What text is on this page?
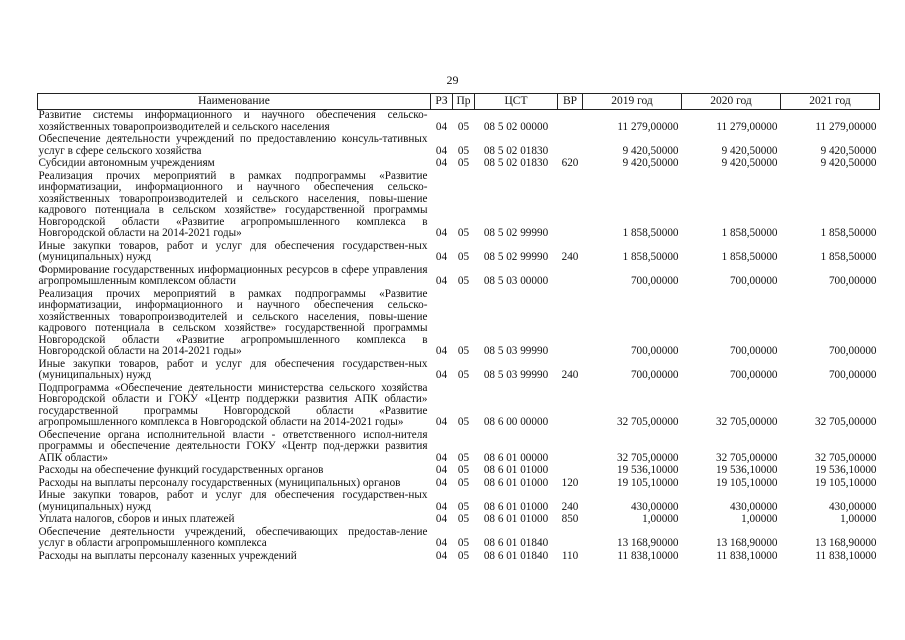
29
Наименование	РЗ	Пр	ЦСТ	ВР	2019 год	2020 год	2021 год
Развитие системы информационного и научного обеспечения сельско-хозяйственных товаропроизводителей и сельского населения	04	05	08 5 02 00000		11 279,00000	11 279,00000	11 279,00000
Обеспечение деятельности учреждений по предоставлению консуль-тативных услуг в сфере сельского хозяйства	04	05	08 5 02 01830		9 420,50000	9 420,50000	9 420,50000
Субсидии автономным учреждениям	04	05	08 5 02 01830	620	9 420,50000	9 420,50000	9 420,50000
Реализация прочих мероприятий в рамках подпрограммы «Развитие информатизации, информационного и научного обеспечения сельско-хозяйственных товаропроизводителей и сельского населения, повы-шение кадрового потенциала в сельском хозяйстве» государственной программы Новгородской области «Развитие агропромышленного комплекса в Новгородской области на 2014-2021 годы»	04	05	08 5 02 99990		1 858,50000	1 858,50000	1 858,50000
Иные закупки товаров, работ и услуг для обеспечения государствен-ных (муниципальных) нужд	04	05	08 5 02 99990	240	1 858,50000	1 858,50000	1 858,50000
Формирование государственных информационных ресурсов в сфере управления агропромышленным комплексом области	04	05	08 5 03 00000		700,00000	700,00000	700,00000
Реализация прочих мероприятий в рамках подпрограммы «Развитие информатизации, информационного и научного обеспечения сельско-хозяйственных товаропроизводителей и сельского населения, повы-шение кадрового потенциала в сельском хозяйстве» государственной программы Новгородской области «Развитие агропромышленного комплекса в Новгородской области на 2014-2021 годы»	04	05	08 5 03 99990		700,00000	700,00000	700,00000
Иные закупки товаров, работ и услуг для обеспечения государствен-ных (муниципальных) нужд	04	05	08 5 03 99990	240	700,00000	700,00000	700,00000
Подпрограмма «Обеспечение деятельности министерства сельского хозяйства Новгородской области и ГОКУ «Центр поддержки развития АПК области» государственной программы Новгородской области «Развитие агропромышленного комплекса в Новгородской области на 2014-2021 годы»	04	05	08 6 00 00000		32 705,00000	32 705,00000	32 705,00000
Обеспечение органа исполнительной власти - ответственного испол-нителя программы и обеспечение деятельности ГОКУ «Центр под-держки развития АПК области»	04	05	08 6 01 00000		32 705,00000	32 705,00000	32 705,00000
Расходы на обеспечение функций государственных органов	04	05	08 6 01 01000		19 536,10000	19 536,10000	19 536,10000
Расходы на выплаты персоналу государственных (муниципальных) органов	04	05	08 6 01 01000	120	19 105,10000	19 105,10000	19 105,10000
Иные закупки товаров, работ и услуг для обеспечения государствен-ных (муниципальных) нужд	04	05	08 6 01 01000	240	430,00000	430,00000	430,00000
Уплата налогов, сборов и иных платежей	04	05	08 6 01 01000	850	1,00000	1,00000	1,00000
Обеспечение деятельности учреждений, обеспечивающих предостав-ление услуг в области агропромышленного комплекса	04	05	08 6 01 01840		13 168,90000	13 168,90000	13 168,90000
Расходы на выплаты персоналу казенных учреждений	04	05	08 6 01 01840	110	11 838,10000	11 838,10000	11 838,10000
